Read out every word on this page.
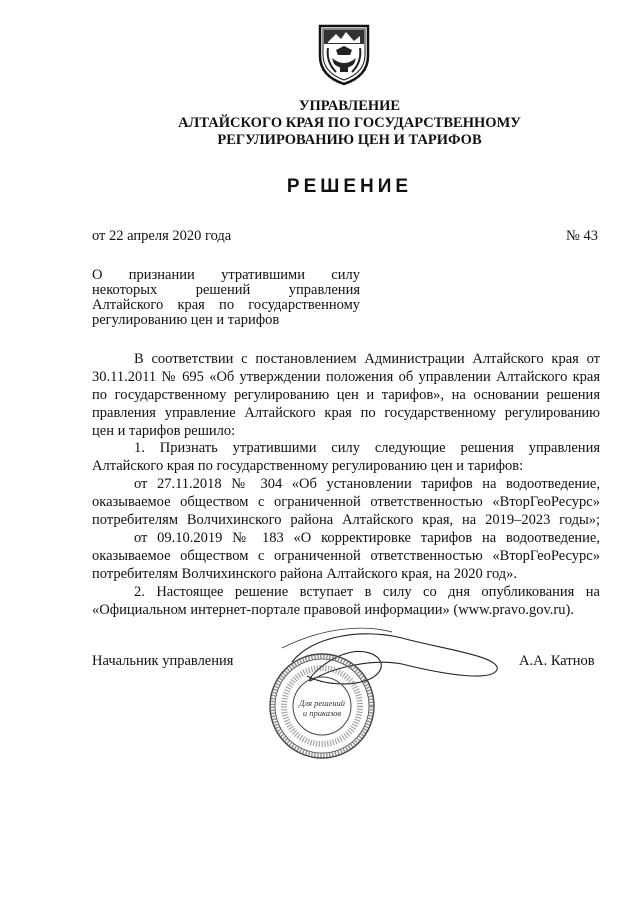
УПРАВЛЕНИЕ
АЛТАЙСКОГО КРАЯ ПО ГОСУДАРСТВЕННОМУ
РЕГУЛИРОВАНИЮ ЦЕН И ТАРИФОВ
РЕШЕНИЕ
от 22 апреля 2020 года	№ 43
О признании утратившими силу
некоторых решений управления
Алтайского края по государственному
регулированию цен и тарифов
В соответствии с постановлением Администрации Алтайского края от
30.11.2011 № 695 «Об утверждении положения об управлении Алтайского края
по государственному регулированию цен и тарифов», на основании решения
правления управление Алтайского края по государственному регулированию
цен и тарифов решило:
1. Признать утратившими силу следующие решения управления
Алтайского края по государственному регулированию цен и тарифов:
от 27.11.2018 № 304 «Об установлении тарифов на водоотведение,
оказываемое обществом с ограниченной ответственностью «ВторГеоРесурс»
потребителям Волчихинского района Алтайского края, на 2019–2023 годы»;
от 09.10.2019 № 183 «О корректировке тарифов на водоотведение,
оказываемое обществом с ограниченной ответственностью «ВторГеоРесурс»
потребителям Волчихинского района Алтайского края, на 2020 год».
2. Настоящее решение вступает в силу со дня опубликования на
«Официальном интернет-портале правовой информации» (www.pravo.gov.ru).
Начальник управления	А.А. Катнов
Для решений
и приказов
